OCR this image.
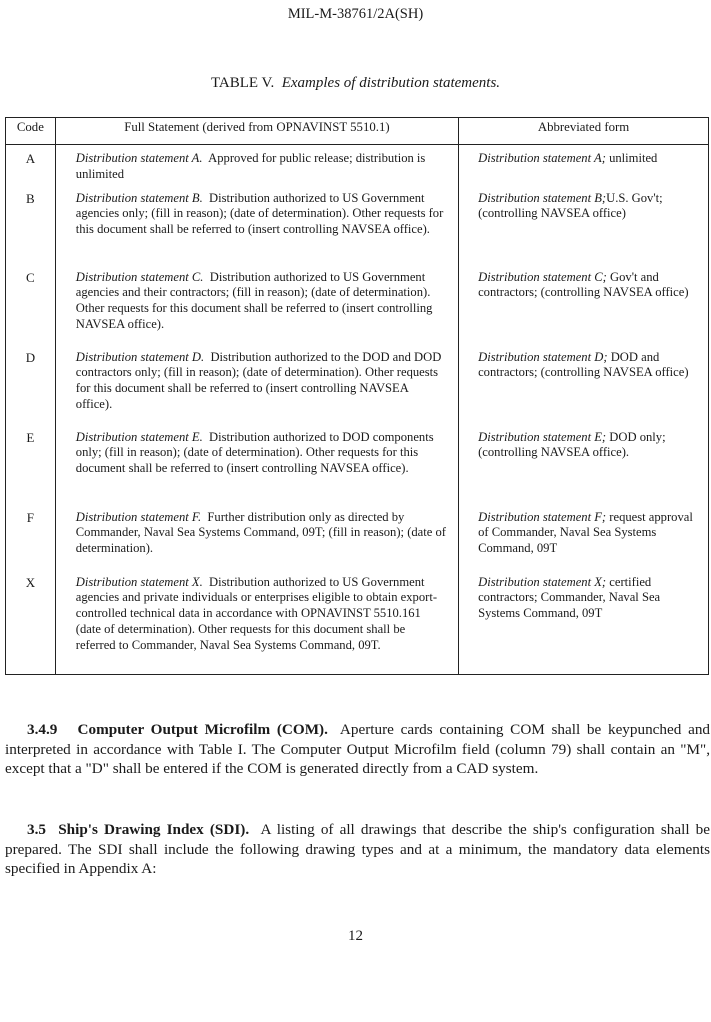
MIL-M-38761/2A(SH)
TABLE V. Examples of distribution statements.
Code	Full Statement (derived from OPNAVINST 5510.1)	Abbreviated form
A	Distribution statement A. Approved for public release; distribution is unlimited	Distribution statement A; unlimited
B	Distribution statement B. Distribution authorized to US Government agencies only; (fill in reason); (date of determination). Other requests for this document shall be referred to (insert controlling NAVSEA office).	Distribution statement B;U.S. Gov't; (controlling NAVSEA office)
C	Distribution statement C. Distribution authorized to US Government agencies and their contractors; (fill in reason); (date of determination). Other requests for this document shall be referred to (insert controlling NAVSEA office).	Distribution statement C; Gov't and contractors; (controlling NAVSEA office)
D	Distribution statement D. Distribution authorized to the DOD and DOD contractors only; (fill in reason); (date of determination). Other requests for this document shall be referred to (insert controlling NAVSEA office).	Distribution statement D; DOD and contractors; (controlling NAVSEA office)
E	Distribution statement E. Distribution authorized to DOD components only; (fill in reason); (date of determination). Other requests for this document shall be referred to (insert controlling NAVSEA office).	Distribution statement E; DOD only; (controlling NAVSEA office).
F	Distribution statement F. Further distribution only as directed by Commander, Naval Sea Systems Command, 09T; (fill in reason); (date of determination).	Distribution statement F; request approval of Commander, Naval Sea Systems Command, 09T
X	Distribution statement X. Distribution authorized to US Government agencies and private individuals or enterprises eligible to obtain export-controlled technical data in accordance with OPNAVINST 5510.161 (date of determination). Other requests for this document shall be referred to Commander, Naval Sea Systems Command, 09T.	Distribution statement X; certified contractors; Commander, Naval Sea Systems Command, 09T
3.4.9 Computer Output Microfilm (COM). Aperture cards containing COM shall be keypunched and interpreted in accordance with Table I. The Computer Output Microfilm field (column 79) shall contain an "M", except that a "D" shall be entered if the COM is generated directly from a CAD system.
3.5 Ship's Drawing Index (SDI). A listing of all drawings that describe the ship's configuration shall be prepared. The SDI shall include the following drawing types and at a minimum, the mandatory data elements specified in Appendix A:
12
